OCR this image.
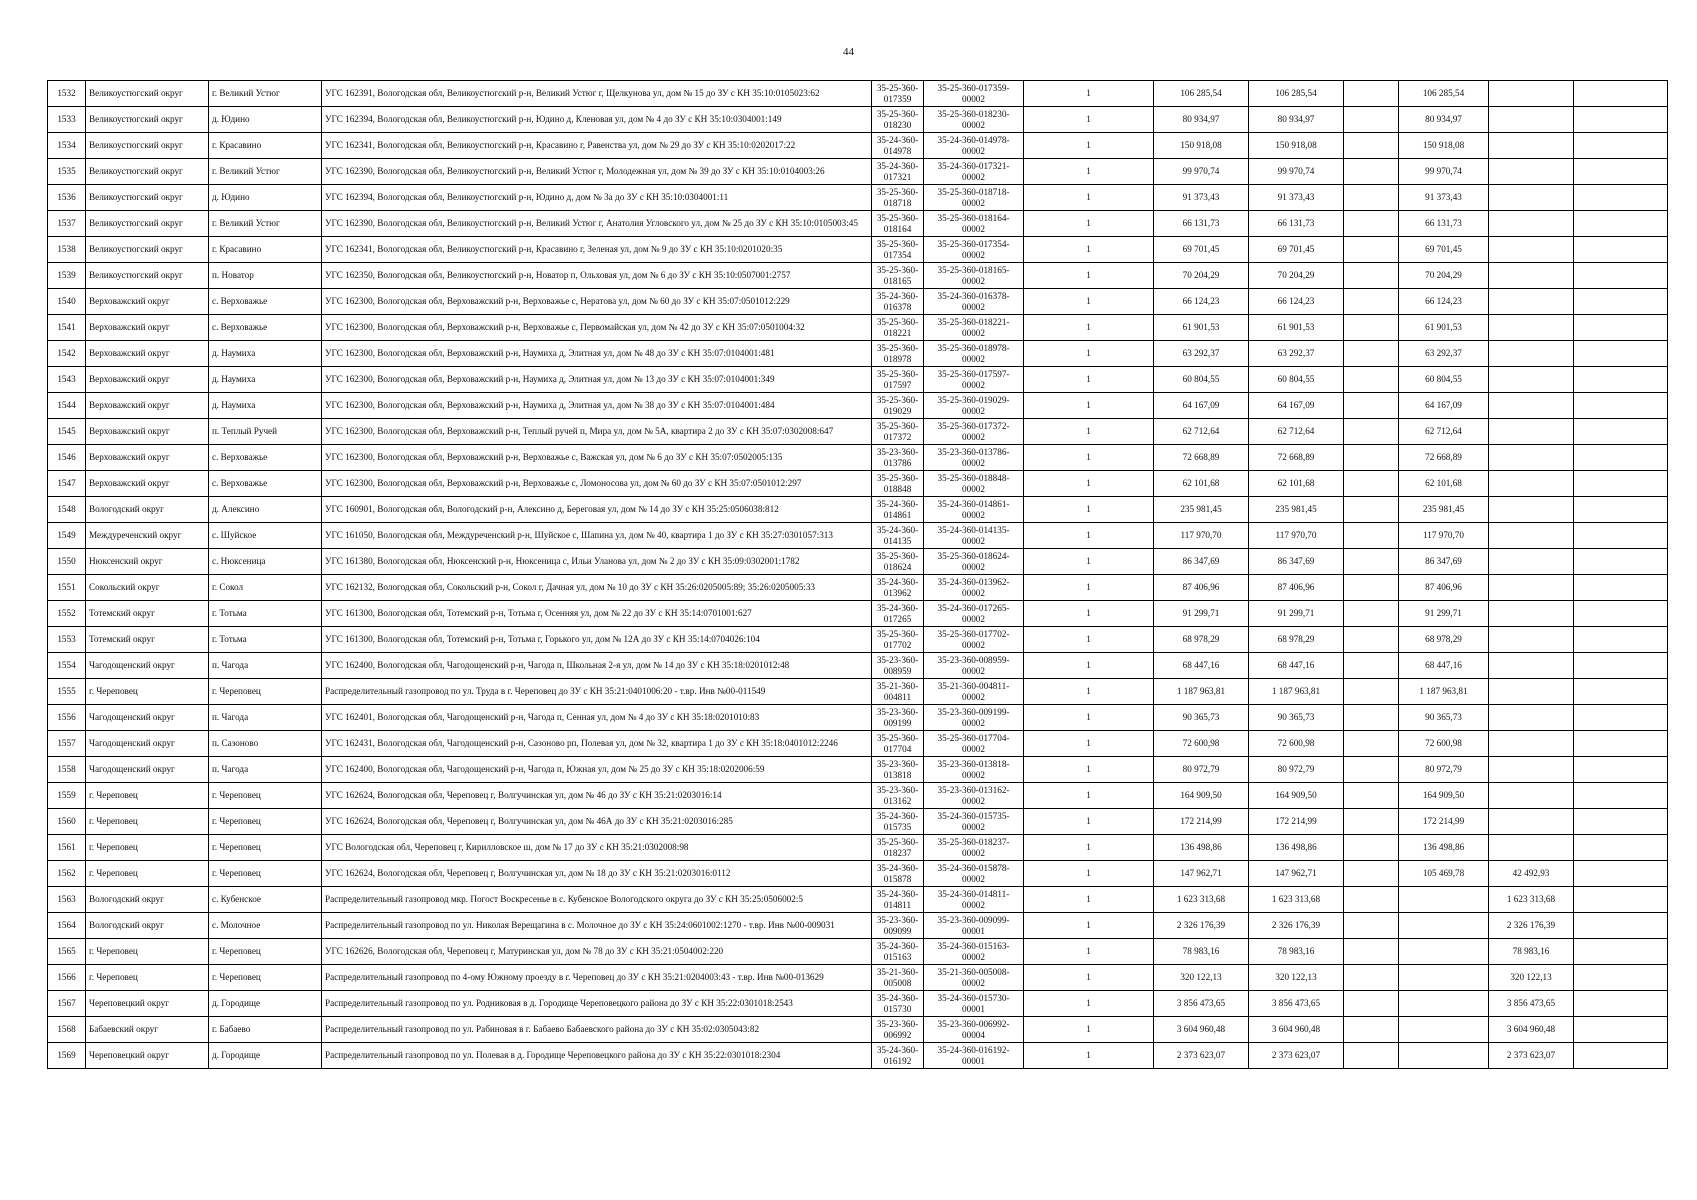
44
1532	Великоустюгский округ	г. Великий Устюг	УГС 162391, Вологодская обл, Великоустюгский р-н, Великий Устюг г, Щелкунова ул, дом № 15 до ЗУ с КН 35:10:0105023:62	35-25-360-017359	35-25-360-017359-00002	1	106 285,54	106 285,54		106 285,54		
1533	Великоустюгский округ	д. Юдино	УГС 162394, Вологодская обл, Великоустюгский р-н, Юдино д, Кленовая ул, дом № 4 до ЗУ с КН 35:10:0304001:149	35-25-360-018230	35-25-360-018230-00002	1	80 934,97	80 934,97		80 934,97		
1534	Великоустюгский округ	г. Красавино	УГС 162341, Вологодская обл, Великоустюгский р-н, Красавино г, Равенства ул, дом № 29 до ЗУ с КН 35:10:0202017:22	35-24-360-014978	35-24-360-014978-00002	1	150 918,08	150 918,08		150 918,08		
1535	Великоустюгский округ	г. Великий Устюг	УГС 162390, Вологодская обл, Великоустюгский р-н, Великий Устюг г, Молодежная ул, дом № 39 до ЗУ с КН 35:10:0104003:26	35-24-360-017321	35-24-360-017321-00002	1	99 970,74	99 970,74		99 970,74		
1536	Великоустюгский округ	д. Юдино	УГС 162394, Вологодская обл, Великоустюгский р-н, Юдино д, дом № 3а до ЗУ с КН 35:10:0304001:11	35-25-360-018718	35-25-360-018718-00002	1	91 373,43	91 373,43		91 373,43		
1537	Великоустюгский округ	г. Великий Устюг	УГС 162390, Вологодская обл, Великоустюгский р-н, Великий Устюг г, Анатолия Угловского ул, дом № 25 до ЗУ с КН 35:10:0105003:45	35-25-360-018164	35-25-360-018164-00002	1	66 131,73	66 131,73		66 131,73		
1538	Великоустюгский округ	г. Красавино	УГС 162341, Вологодская обл, Великоустюгский р-н, Красавино г, Зеленая ул, дом № 9 до ЗУ с КН 35:10:0201020:35	35-25-360-017354	35-25-360-017354-00002	1	69 701,45	69 701,45		69 701,45		
1539	Великоустюгский округ	п. Новатор	УГС 162350, Вологодская обл, Великоустюгский р-н, Новатор п, Ольховая ул, дом № 6 до ЗУ с КН 35:10:0507001:2757	35-25-360-018165	35-25-360-018165-00002	1	70 204,29	70 204,29		70 204,29		
1540	Верховажский округ	с. Верховажье	УГС 162300, Вологодская обл, Верховажский р-н, Верховажье с, Нератова ул, дом № 60 до ЗУ с КН 35:07:0501012:229	35-24-360-016378	35-24-360-016378-00002	1	66 124,23	66 124,23		66 124,23		
1541	Верховажский округ	с. Верховажье	УГС 162300, Вологодская обл, Верховажский р-н, Верховажье с, Первомайская ул, дом № 42 до ЗУ с КН 35:07:0501004:32	35-25-360-018221	35-25-360-018221-00002	1	61 901,53	61 901,53		61 901,53		
1542	Верховажский округ	д. Наумиха	УГС 162300, Вологодская обл, Верховажский р-н, Наумиха д, Элитная ул, дом № 48 до ЗУ с КН 35:07:0104001:481	35-25-360-018978	35-25-360-018978-00002	1	63 292,37	63 292,37		63 292,37		
1543	Верховажский округ	д. Наумиха	УГС 162300, Вологодская обл, Верховажский р-н, Наумиха д, Элитная ул, дом № 13 до ЗУ с КН 35:07:0104001:349	35-25-360-017597	35-25-360-017597-00002	1	60 804,55	60 804,55		60 804,55		
1544	Верховажский округ	д. Наумиха	УГС 162300, Вологодская обл, Верховажский р-н, Наумиха д, Элитная ул, дом № 38 до ЗУ с КН 35:07:0104001:484	35-25-360-019029	35-25-360-019029-00002	1	64 167,09	64 167,09		64 167,09		
1545	Верховажский округ	п. Теплый Ручей	УГС 162300, Вологодская обл, Верховажский р-н, Теплый ручей п, Мира ул, дом № 5А, квартира 2 до ЗУ с КН 35:07:0302008:647	35-25-360-017372	35-25-360-017372-00002	1	62 712,64	62 712,64		62 712,64		
1546	Верховажский округ	с. Верховажье	УГС 162300, Вологодская обл, Верховажский р-н, Верховажье с, Важская ул, дом № 6 до ЗУ с КН 35:07:0502005:135	35-23-360-013786	35-23-360-013786-00002	1	72 668,89	72 668,89		72 668,89		
1547	Верховажский округ	с. Верховажье	УГС 162300, Вологодская обл, Верховажский р-н, Верховажье с, Ломоносова ул, дом № 60 до ЗУ с КН 35:07:0501012:297	35-25-360-018848	35-25-360-018848-00002	1	62 101,68	62 101,68		62 101,68		
1548	Вологодский округ	д. Алексино	УГС 160901, Вологодская обл, Вологодский р-н, Алексино д, Береговая ул, дом № 14 до ЗУ с КН 35:25:0506038:812	35-24-360-014861	35-24-360-014861-00002	1	235 981,45	235 981,45		235 981,45		
1549	Междуреченский округ	с. Шуйское	УГС 161050, Вологодская обл, Междуреченский р-н, Шуйское с, Шапина ул, дом № 40, квартира 1 до ЗУ с КН 35:27:0301057:313	35-24-360-014135	35-24-360-014135-00002	1	117 970,70	117 970,70		117 970,70		
1550	Нюксенский округ	с. Нюксеница	УГС 161380, Вологодская обл, Нюксенский р-н, Нюксеница с, Ильи Уланова ул, дом № 2 до ЗУ с КН 35:09:0302001:1782	35-25-360-018624	35-25-360-018624-00002	1	86 347,69	86 347,69		86 347,69		
1551	Сокольский округ	г. Сокол	УГС 162132, Вологодская обл, Сокольский р-н, Сокол г, Дачная ул, дом № 10 до ЗУ с КН 35:26:0205005:89; 35:26:0205005:33	35-24-360-013962	35-24-360-013962-00002	1	87 406,96	87 406,96		87 406,96		
1552	Тотемский округ	г. Тотьма	УГС 161300, Вологодская обл, Тотемский р-н, Тотьма г, Осенняя ул, дом № 22 до ЗУ с КН 35:14:0701001:627	35-24-360-017265	35-24-360-017265-00002	1	91 299,71	91 299,71		91 299,71		
1553	Тотемский округ	г. Тотьма	УГС 161300, Вологодская обл, Тотемский р-н, Тотьма г, Горького ул, дом № 12А до ЗУ с КН 35:14:0704026:104	35-25-360-017702	35-25-360-017702-00002	1	68 978,29	68 978,29		68 978,29		
1554	Чагодощенский округ	п. Чагода	УГС 162400, Вологодская обл, Чагодощенский р-н, Чагода п, Школьная 2-я ул, дом № 14 до ЗУ с КН 35:18:0201012:48	35-23-360-008959	35-23-360-008959-00002	1	68 447,16	68 447,16		68 447,16		
1555	г. Череповец	г. Череповец	Распределительный газопровод по ул. Труда в г. Череповец до ЗУ с КН 35:21:0401006:20 - т.вр. Инв №00-011549	35-21-360-004811	35-21-360-004811-00002	1	1 187 963,81	1 187 963,81		1 187 963,81		
1556	Чагодощенский округ	п. Чагода	УГС 162401, Вологодская обл, Чагодощенский р-н, Чагода п, Сенная ул, дом № 4 до ЗУ с КН 35:18:0201010:83	35-23-360-009199	35-23-360-009199-00002	1	90 365,73	90 365,73		90 365,73		
1557	Чагодощенский округ	п. Сазоново	УГС 162431, Вологодская обл, Чагодощенский р-н, Сазоново рп, Полевая ул, дом № 32, квартира 1 до ЗУ с КН 35:18:0401012:2246	35-25-360-017704	35-25-360-017704-00002	1	72 600,98	72 600,98		72 600,98		
1558	Чагодощенский округ	п. Чагода	УГС 162400, Вологодская обл, Чагодощенский р-н, Чагода п, Южная ул, дом № 25 до ЗУ с КН 35:18:0202006:59	35-23-360-013818	35-23-360-013818-00002	1	80 972,79	80 972,79		80 972,79		
1559	г. Череповец	г. Череповец	УГС 162624, Вологодская обл, Череповец г, Волгучинская ул, дом № 46 до ЗУ с КН 35:21:0203016:14	35-23-360-013162	35-23-360-013162-00002	1	164 909,50	164 909,50		164 909,50		
1560	г. Череповец	г. Череповец	УГС 162624, Вологодская обл, Череповец г, Волгучинская ул, дом № 46А до ЗУ с КН 35:21:0203016:285	35-24-360-015735	35-24-360-015735-00002	1	172 214,99	172 214,99		172 214,99		
1561	г. Череповец	г. Череповец	УГС Вологодская обл, Череповец г, Кирилловское ш, дом № 17 до ЗУ с КН 35:21:0302008:98	35-25-360-018237	35-25-360-018237-00002	1	136 498,86	136 498,86		136 498,86		
1562	г. Череповец	г. Череповец	УГС 162624, Вологодская обл, Череповец г, Волгучинская ул, дом № 18 до ЗУ с КН 35:21:0203016:0112	35-24-360-015878	35-24-360-015878-00002	1	147 962,71	147 962,71		105 469,78	42 492,93	
1563	Вологодский округ	с. Кубенское	Распределительный газопровод мкр. Погост Воскресенье в с. Кубенское Вологодского округа до ЗУ с КН 35:25:0506002:5	35-24-360-014811	35-24-360-014811-00002	1	1 623 313,68	1 623 313,68			1 623 313,68	
1564	Вологодский округ	с. Молочное	Распределительный газопровод по ул. Николая Верещагина в с. Молочное до ЗУ с КН 35:24:0601002:1270 - т.вр. Инв №00-009031	35-23-360-009099	35-23-360-009099-00001	1	2 326 176,39	2 326 176,39			2 326 176,39	
1565	г. Череповец	г. Череповец	УГС 162626, Вологодская обл, Череповец г, Матуринская ул, дом № 78 до ЗУ с КН 35:21:0504002:220	35-24-360-015163	35-24-360-015163-00002	1	78 983,16	78 983,16			78 983,16	
1566	г. Череповец	г. Череповец	Распределительный газопровод по 4-ому Южному проезду в г. Череповец до ЗУ с КН 35:21:0204003:43 - т.вр. Инв №00-013629	35-21-360-005008	35-21-360-005008-00002	1	320 122,13	320 122,13			320 122,13	
1567	Череповецкий округ	д. Городище	Распределительный газопровод по ул. Родниковая в д. Городище Череповецкого района до ЗУ с КН 35:22:0301018:2543	35-24-360-015730	35-24-360-015730-00001	1	3 856 473,65	3 856 473,65			3 856 473,65	
1568	Бабаевский округ	г. Бабаево	Распределительный газопровод по ул. Рабиновая в г. Бабаево Бабаевского района до ЗУ с КН 35:02:0305043:82	35-23-360-006992	35-23-360-006992-00004	1	3 604 960,48	3 604 960,48			3 604 960,48	
1569	Череповецкий округ	д. Городище	Распределительный газопровод по ул. Полевая в д. Городище Череповецкого района до ЗУ с КН 35:22:0301018:2304	35-24-360-016192	35-24-360-016192-00001	1	2 373 623,07	2 373 623,07			2 373 623,07	
